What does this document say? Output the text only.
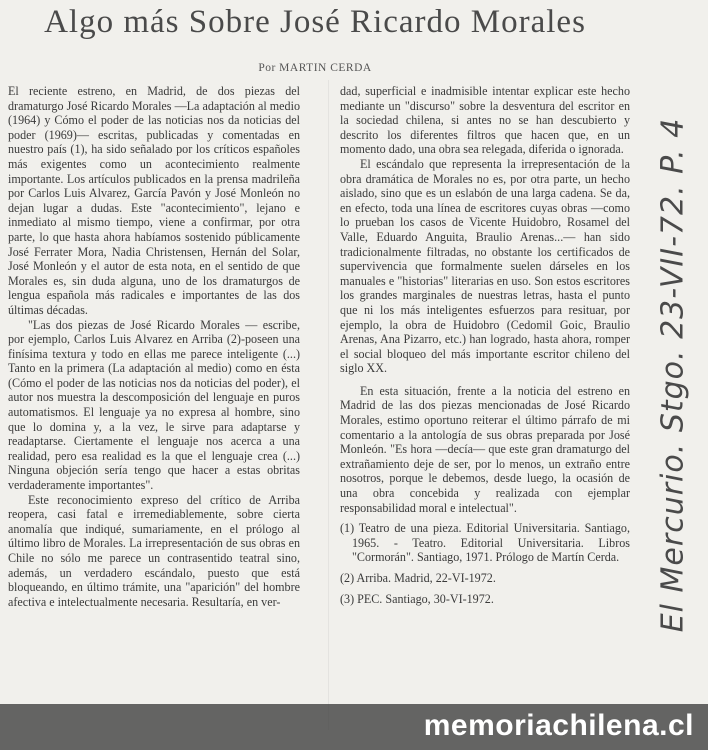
Algo más Sobre José Ricardo Morales
Por MARTIN CERDA

El reciente estreno, en Madrid, de dos piezas del dramaturgo José Ricardo Morales —La adaptación al medio (1964) y Cómo el poder de las noticias nos da noticias del poder (1969)— escritas, publicadas y comentadas en nuestro país (1), ha sido señalado por los críticos españoles más exigentes como un acontecimiento realmente importante. Los artículos publicados en la prensa madrileña por Carlos Luis Alvarez, García Pavón y José Monleón no dejan lugar a dudas. Este "acontecimiento", lejano e inmediato al mismo tiempo, viene a confirmar, por otra parte, lo que hasta ahora habíamos sostenido públicamente José Ferrater Mora, Nadia Christensen, Hernán del Solar, José Monleón y el autor de esta nota, en el sentido de que Morales es, sin duda alguna, uno de los dramaturgos de lengua española más radicales e importantes de las dos últimas décadas.

"Las dos piezas de José Ricardo Morales — escribe, por ejemplo, Carlos Luis Alvarez en Arriba (2)-poseen una finísima textura y todo en ellas me parece inteligente (...) Tanto en la primera (La adaptación al medio) como en ésta (Cómo el poder de las noticias nos da noticias del poder), el autor nos muestra la descomposición del lenguaje en puros automatismos. El lenguaje ya no expresa al hombre, sino que lo domina y, a la vez, le sirve para adaptarse y readaptarse. Ciertamente el lenguaje nos acerca a una realidad, pero esa realidad es la que el lenguaje crea (...) Ninguna objeción sería tengo que hacer a estas obritas verdaderamente importantes".

Este reconocimiento expreso del crítico de Arriba reopera, casi fatal e irremediablemente, sobre cierta anomalía que indiqué, sumariamente, en el prólogo al último libro de Morales. La irrepresentación de sus obras en Chile no sólo me parece un contrasentido teatral sino, además, un verdadero escándalo, puesto que está bloqueando, en último trámite, una "aparición" del hombre afectiva e intelectualmente necesaria. Resultaría, en ver-

dad, superficial e inadmisible intentar explicar este hecho mediante un "discurso" sobre la desventura del escritor en la sociedad chilena, si antes no se han descubierto y descrito los diferentes filtros que hacen que, en un momento dado, una obra sea relegada, diferida o ignorada.

El escándalo que representa la irrepresentación de la obra dramática de Morales no es, por otra parte, un hecho aislado, sino que es un eslabón de una larga cadena. Se da, en efecto, toda una línea de escritores cuyas obras —como lo prueban los casos de Vicente Huidobro, Rosamel del Valle, Eduardo Anguita, Braulio Arenas...— han sido tradicionalmente filtradas, no obstante los certificados de supervivencia que formalmente suelen dárseles en los manuales e "historias" literarias en uso. Son estos escritores los grandes marginales de nuestras letras, hasta el punto que ni los más inteligentes esfuerzos para resituar, por ejemplo, la obra de Huidobro (Cedomil Goic, Braulio Arenas, Ana Pizarro, etc.) han logrado, hasta ahora, romper el social bloqueo del más importante escritor chileno del siglo XX.

En esta situación, frente a la noticia del estreno en Madrid de las dos piezas mencionadas de José Ricardo Morales, estimo oportuno reiterar el último párrafo de mi comentario a la antología de sus obras preparada por José Monleón. "Es hora —decía— que este gran dramaturgo del extrañamiento deje de ser, por lo menos, un extraño entre nosotros, porque le debemos, desde luego, la ocasión de una obra concebida y realizada con ejemplar responsabilidad moral e intelectual".

(1) Teatro de una pieza. Editorial Universitaria. Santiago, 1965. - Teatro. Editorial Universitaria. Libros "Cormorán". Santiago, 1971. Prólogo de Martín Cerda.

(2) Arriba. Madrid, 22-VI-1972.

(3) PEC. Santiago, 30-VI-1972.	El Mercurio. Stgo. 23-VII-72. P. 4
memoriachilena.cl
